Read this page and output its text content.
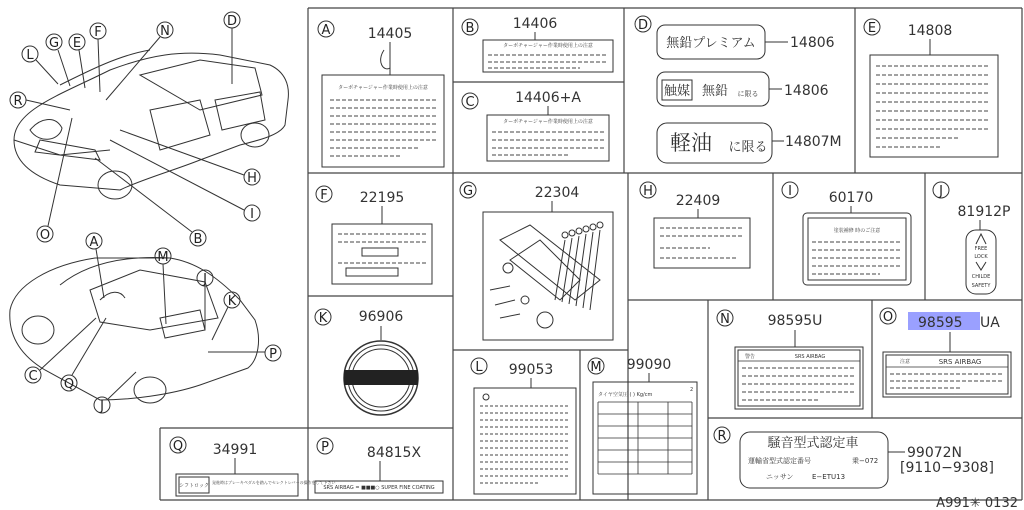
L
G E
F	N
D
R
H
I
B
O	A
M
J
K
P
C
Q
J
A	14405
ターボチャージャー作業時使用上の注意
B	14406
ターボチャージャー作業時使用上の注意
C	14406+A
ターボチャージャー作業時使用上の注意
D
無鉛プレミアム 14806
触媒 無鉛 に限る 14806
軽油 に限る 14807M
E 14808
F 22195	G	22304	H
22409
I	60170
塗装補修 時のご注意
J
81912P
FREE
LOCK
CHILDE
SAFETY
K 96906
L 99053	M 99090
タイヤ空気圧 ( ) Kg/cm
2
N	98595U
警告	SRS AIRBAG
O 98595 UA
注意	SRS AIRBAG
P	84815X
SRS AIRBAG = ■■■○ SUPER FINE COATING
Q 34991
シフトロック
発進時はブレーキペダルを踏んでセレクトレバーの操作をして下さい
R	騒音型式認定車
運輸省型式認定番号	乗−072
ニッサン	E−ETU13
99072N
[9110−9308]
A991✳ 0132
